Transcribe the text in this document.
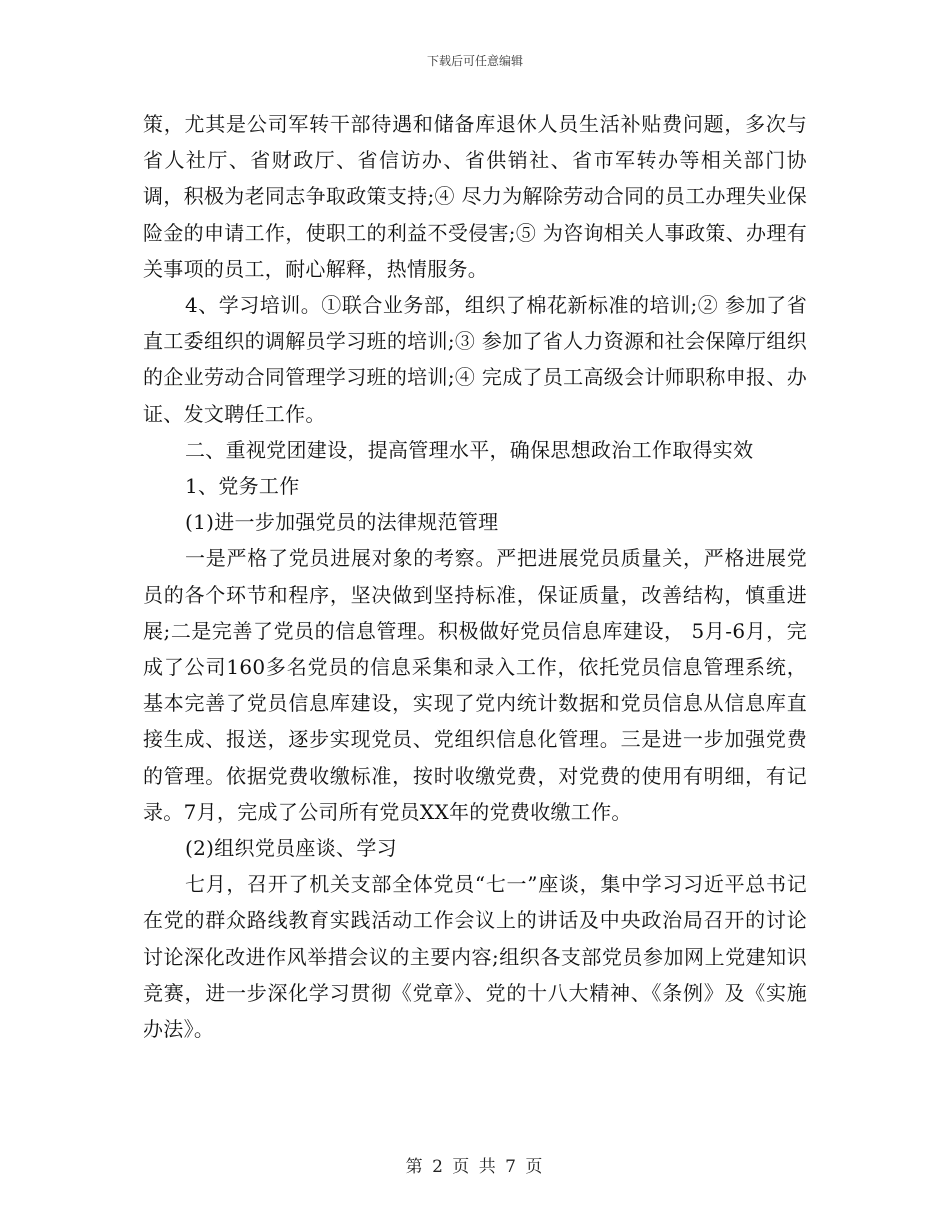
下载后可任意编辑

策，尤其是公司军转干部待遇和储备库退休人员生活补贴费问题，多次与省人社厅、省财政厅、省信访办、省供销社、省市军转办等相关部门协调，积极为老同志争取政策支持;④ 尽力为解除劳动合同的员工办理失业保险金的申请工作，使职工的利益不受侵害;⑤ 为咨询相关人事政策、办理有关事项的员工，耐心解释，热情服务。

4、学习培训。①联合业务部，组织了棉花新标准的培训;② 参加了省直工委组织的调解员学习班的培训;③ 参加了省人力资源和社会保障厅组织的企业劳动合同管理学习班的培训;④ 完成了员工高级会计师职称申报、办证、发文聘任工作。

二、重视党团建设，提高管理水平，确保思想政治工作取得实效

1、党务工作

(1)进一步加强党员的法律规范管理

一是严格了党员进展对象的考察。严把进展党员质量关，严格进展党员的各个环节和程序，坚决做到坚持标准，保证质量，改善结构，慎重进展;二是完善了党员的信息管理。积极做好党员信息库建设， 5月-6月，完成了公司160多名党员的信息采集和录入工作，依托党员信息管理系统，基本完善了党员信息库建设，实现了党内统计数据和党员信息从信息库直接生成、报送，逐步实现党员、党组织信息化管理。三是进一步加强党费的管理。依据党费收缴标准，按时收缴党费，对党费的使用有明细，有记录。7月，完成了公司所有党员XX年的党费收缴工作。

(2)组织党员座谈、学习

七月，召开了机关支部全体党员“七一”座谈，集中学习习近平总书记在党的群众路线教育实践活动工作会议上的讲话及中央政治局召开的讨论讨论深化改进作风举措会议的主要内容;组织各支部党员参加网上党建知识竞赛，进一步深化学习贯彻《党章》、党的十八大精神、《条例》及《实施办法》。

第 2 页 共 7 页
